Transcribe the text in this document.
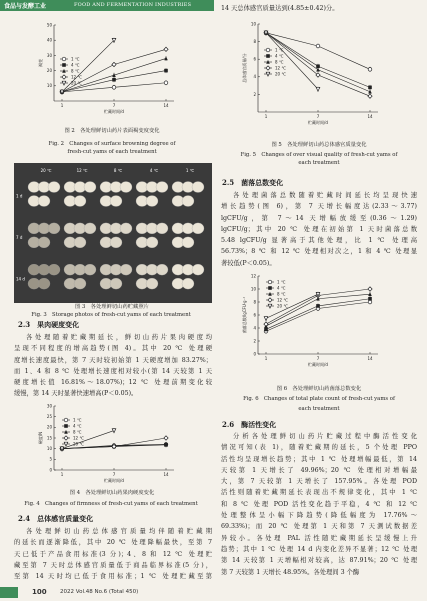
食品与发酵工业	FOOD AND FERMENTATION INDUSTRIES
10
20
30
40
50
1	7	14
贮藏时间/d
褐变	1 ℃
4 ℃
8 ℃
12 ℃
20 ℃
图 2　各处理鲜切山药片表面褐变度变化
Fig. 2　Changes of surface browning degree of
fresh-cut yams of each treatment
20 ℃	12 ℃	8 ℃	4 ℃	1 ℃
1 d
7 d
14 d
图 3　各处理鲜切山药贮藏照片
Fig. 3　Storage photos of fresh-cut yams of each treatment
2.3　果肉硬度变化
各处理随着贮藏期延长，鲜切山药片果肉硬度均
呈现不同程度的增高趋势(图 4)。其中 20 ℃ 处理硬
度增长速度最快，第 7 天时较初始第 1 天硬度增加 83.27%；
而 1、4 和 8 ℃ 处理增长速度相对较小(第 14 天较第 1 天
硬度增长值 16.81%～18.07%)；12 ℃ 处理前期变化较
缓慢，第 14 天时显著快速增高(P＜0.05)。
0
5
10
15
20
25
30
1	7	14
贮藏时间/d
硬度/N
1 ℃
4 ℃
8 ℃
12 ℃
20 ℃
图 4　各处理鲜切山药果肉硬度变化
Fig. 4　Changes of firmness of fresh-cut yams of each treatment
2.4　总体感官质量变化
各处理鲜切山药总体感官质量均伴随着贮藏期
的延长而逐渐降低，其中 20 ℃ 处理降幅最快，至第 7
天已低于产品食用标准(3 分)；4、8 和 12 ℃ 处理贮
藏至第 7 天时总体感官质量低于商品临界标准(5 分)，
至第 14 天时均已低于食用标准；1 ℃ 处理贮藏至第
14 天总体感官质量达到(4.85±0.42)分。
2
4
6
8
10
1	7	14
贮藏时间/d
总体感官质量/分
1 ℃
4 ℃
8 ℃
12 ℃
20 ℃
图 5　各处理鲜切山药总体感官质量变化
Fig. 5　Changes of over visual quality of fresh-cut yams of
each treatment
2.5　菌落总数变化
各处理菌落总数随着贮藏时间延长均呈现快速
增长趋势(图 6)，第 7 天增长幅度达(2.33～3.77)
lgCFU/g，第 7～14 天增幅放缓至(0.36～1.29)
lgCFU/g；其中 20 ℃ 处理在初始第 1 天时菌落总数
5.48 lgCFU/g 显著高于其他处理，比 1 ℃ 处理高
56.73%；8 ℃ 和 12 ℃ 处理相对次之，1 和 4 ℃ 处理显
著较低(P＜0.05)。
0
2
4
6
8
10
12
1	7	14
贮藏时间/d
菌落总数/lgCFU·g⁻¹
1 ℃
4 ℃
8 ℃
12 ℃
20 ℃
图 6　各处理鲜切山药菌落总数变化
Fig. 6　Changes of total plate count of fresh-cut yams of
each treatment
2.6　酶活性变化
分析各处理鲜切山药片贮藏过程中酶活性变化
情况可知(表 1)，随着贮藏期的延长，5 个处理 PPO
活性均呈现增长趋势；其中 1 ℃ 处理增幅最低，第 14
天较第 1 天增长了 49.96%；20 ℃ 处理相对增幅最
大，第 7 天较第 1 天增长了 157.95%。各处理 POD
活性则随着贮藏期延长表现出不规律变化，其中 1 ℃
和 8 ℃ 处理 POD 活性变化趋于平稳，4 ℃ 和 12 ℃
处理整体呈小幅下降趋势(降低幅度为 17.76%～
69.33%)；而 20 ℃ 处理第 1 天和第 7 天测试数据差
异较小。各处理 PAL 活性随贮藏期延长呈缓慢上升
趋势；其中 1 ℃ 处理 14 d 内变化差异不显著；12 ℃ 处理
第 14 天较第 1 天增幅相对较高，达 87.91%；20 ℃ 处理
第 7 天较第 1 天增长 48.95%。各处理间 3 个酶
100 2022 Vol.48 No.6 (Total 450)
